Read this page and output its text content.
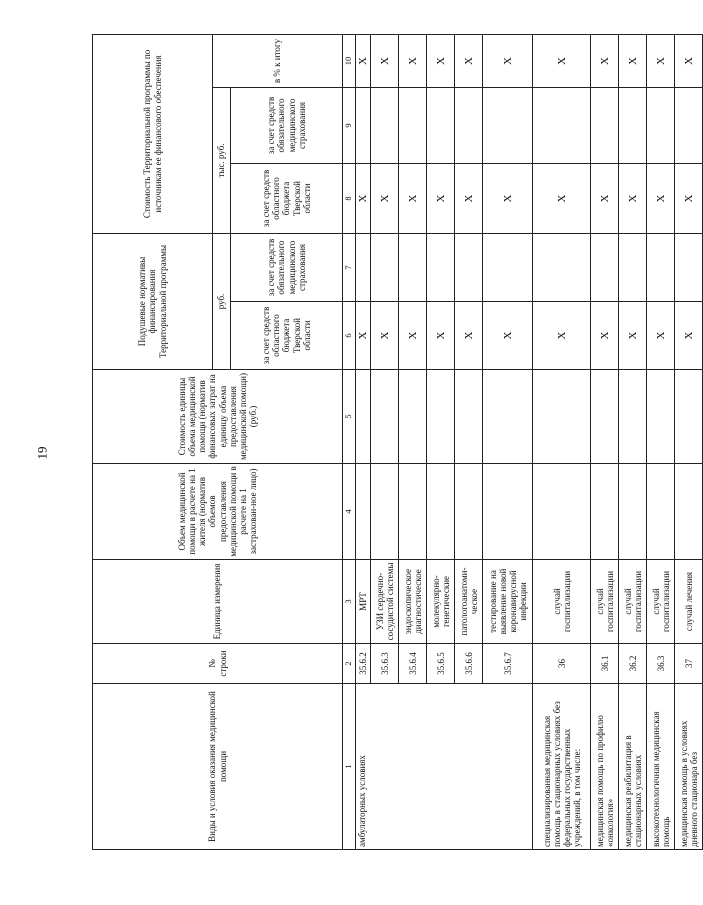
19
Виды и условия оказания медицинской помощи	№ строки	Единица измерения	Объем медицинской помощи в расчете на 1 жителя (норматив объемов предоставления медицинской помощи в расчете на 1 застрахован-ное лицо)	Стоимость единицы объема медицинской помощи (норматив финансовых затрат на единицу объема предоставления медицинской помощи) (руб.)	Подушевые нормативы финансирования Территориальной программы		Стоимость Территориальной программы по источникам ее финансового обеспечения		
					руб.		тыс. руб.		в % к итогу
					за счет средств областного бюджета Тверской области	за счет средств обязательного медицинского страхования	за счет средств областного бюджета Тверской области	за счет средств обязательного медицинского страхования	
1	2	3	4	5	6	7	8	9	10
амбулаторных условиях	35.6.2	МРТ			X		X		X
	35.6.3	УЗИ сердечно-сосудистой системы			X		X		X
	35.6.4	эндоскопическое диагностическое			X		X		X
	35.6.5	молекулярно-генетические			X		X		X
	35.6.6	патологоанатоми-ческое			X		X		X
	35.6.7	тестирование на выявление новой коронавирусной инфекции			X		X		X
специализированная медицинская помощь в стационарных условиях без федеральных государственных учреждений, в том числе:	36	случай госпитализации			X		X		X
медицинская помощь по профилю «онкология»	36.1	случай госпитализации			X		X		X
медицинская реабилитация в стационарных условиях	36.2	случай госпитализации			X		X		X
высокотехнологичная медицинская помощь	36.3	случай госпитализации			X		X		X
медицинская помощь в условиях дневного стационара без	37	случай лечения			X		X		X
